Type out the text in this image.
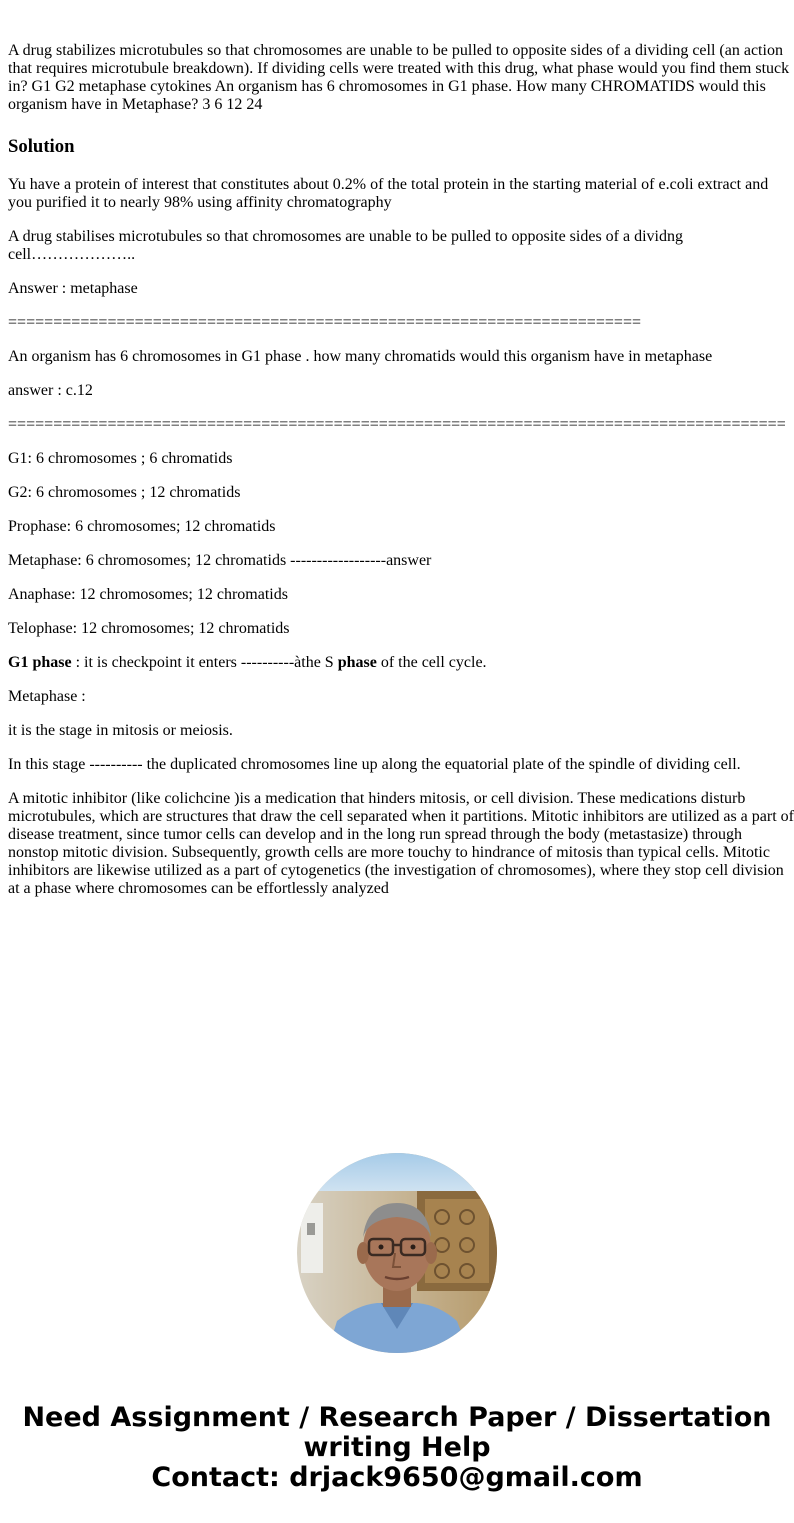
A drug stabilizes microtubules so that chromosomes are unable to be pulled to opposite sides of a dividing cell (an action that requires microtubule breakdown). If dividing cells were treated with this drug, what phase would you find them stuck in? G1 G2 metaphase cytokines An organism has 6 chromosomes in G1 phase. How many CHROMATIDS would this organism have in Metaphase? 3 6 12 24

Solution

Yu have a protein of interest that constitutes about 0.2% of the total protein in the starting material of e.coli extract and you purified it to nearly 98% using affinity chromatography

A drug stabilises microtubules so that chromosomes are unable to be pulled to opposite sides of a dividng cell………………..

Answer : metaphase

======================================================================

An organism has 6 chromosomes in G1 phase . how many chromatids would this organism have in metaphase

answer : c.12

======================================================================================

G1: 6 chromosomes ; 6 chromatids

G2: 6 chromosomes ; 12 chromatids

Prophase: 6 chromosomes; 12 chromatids

Metaphase: 6 chromosomes; 12 chromatids ------------------answer

Anaphase: 12 chromosomes; 12 chromatids

Telophase: 12 chromosomes; 12 chromatids

G1 phase : it is checkpoint it enters ----------àthe S phase of the cell cycle.

Metaphase :

it is the stage in mitosis or meiosis.

In this stage ---------- the duplicated chromosomes line up along the equatorial plate of the spindle of dividing cell.

A mitotic inhibitor (like colichcine )is a medication that hinders mitosis, or cell division. These medications disturb microtubules, which are structures that draw the cell separated when it partitions. Mitotic inhibitors are utilized as a part of disease treatment, since tumor cells can develop and in the long run spread through the body (metastasize) through nonstop mitotic division. Subsequently, growth cells are more touchy to hindrance of mitosis than typical cells. Mitotic inhibitors are likewise utilized as a part of cytogenetics (the investigation of chromosomes), where they stop cell division at a phase where chromosomes can be effortlessly analyzed

Need Assignment / Research Paper / Dissertation
writing Help
Contact: drjack9650@gmail.com
